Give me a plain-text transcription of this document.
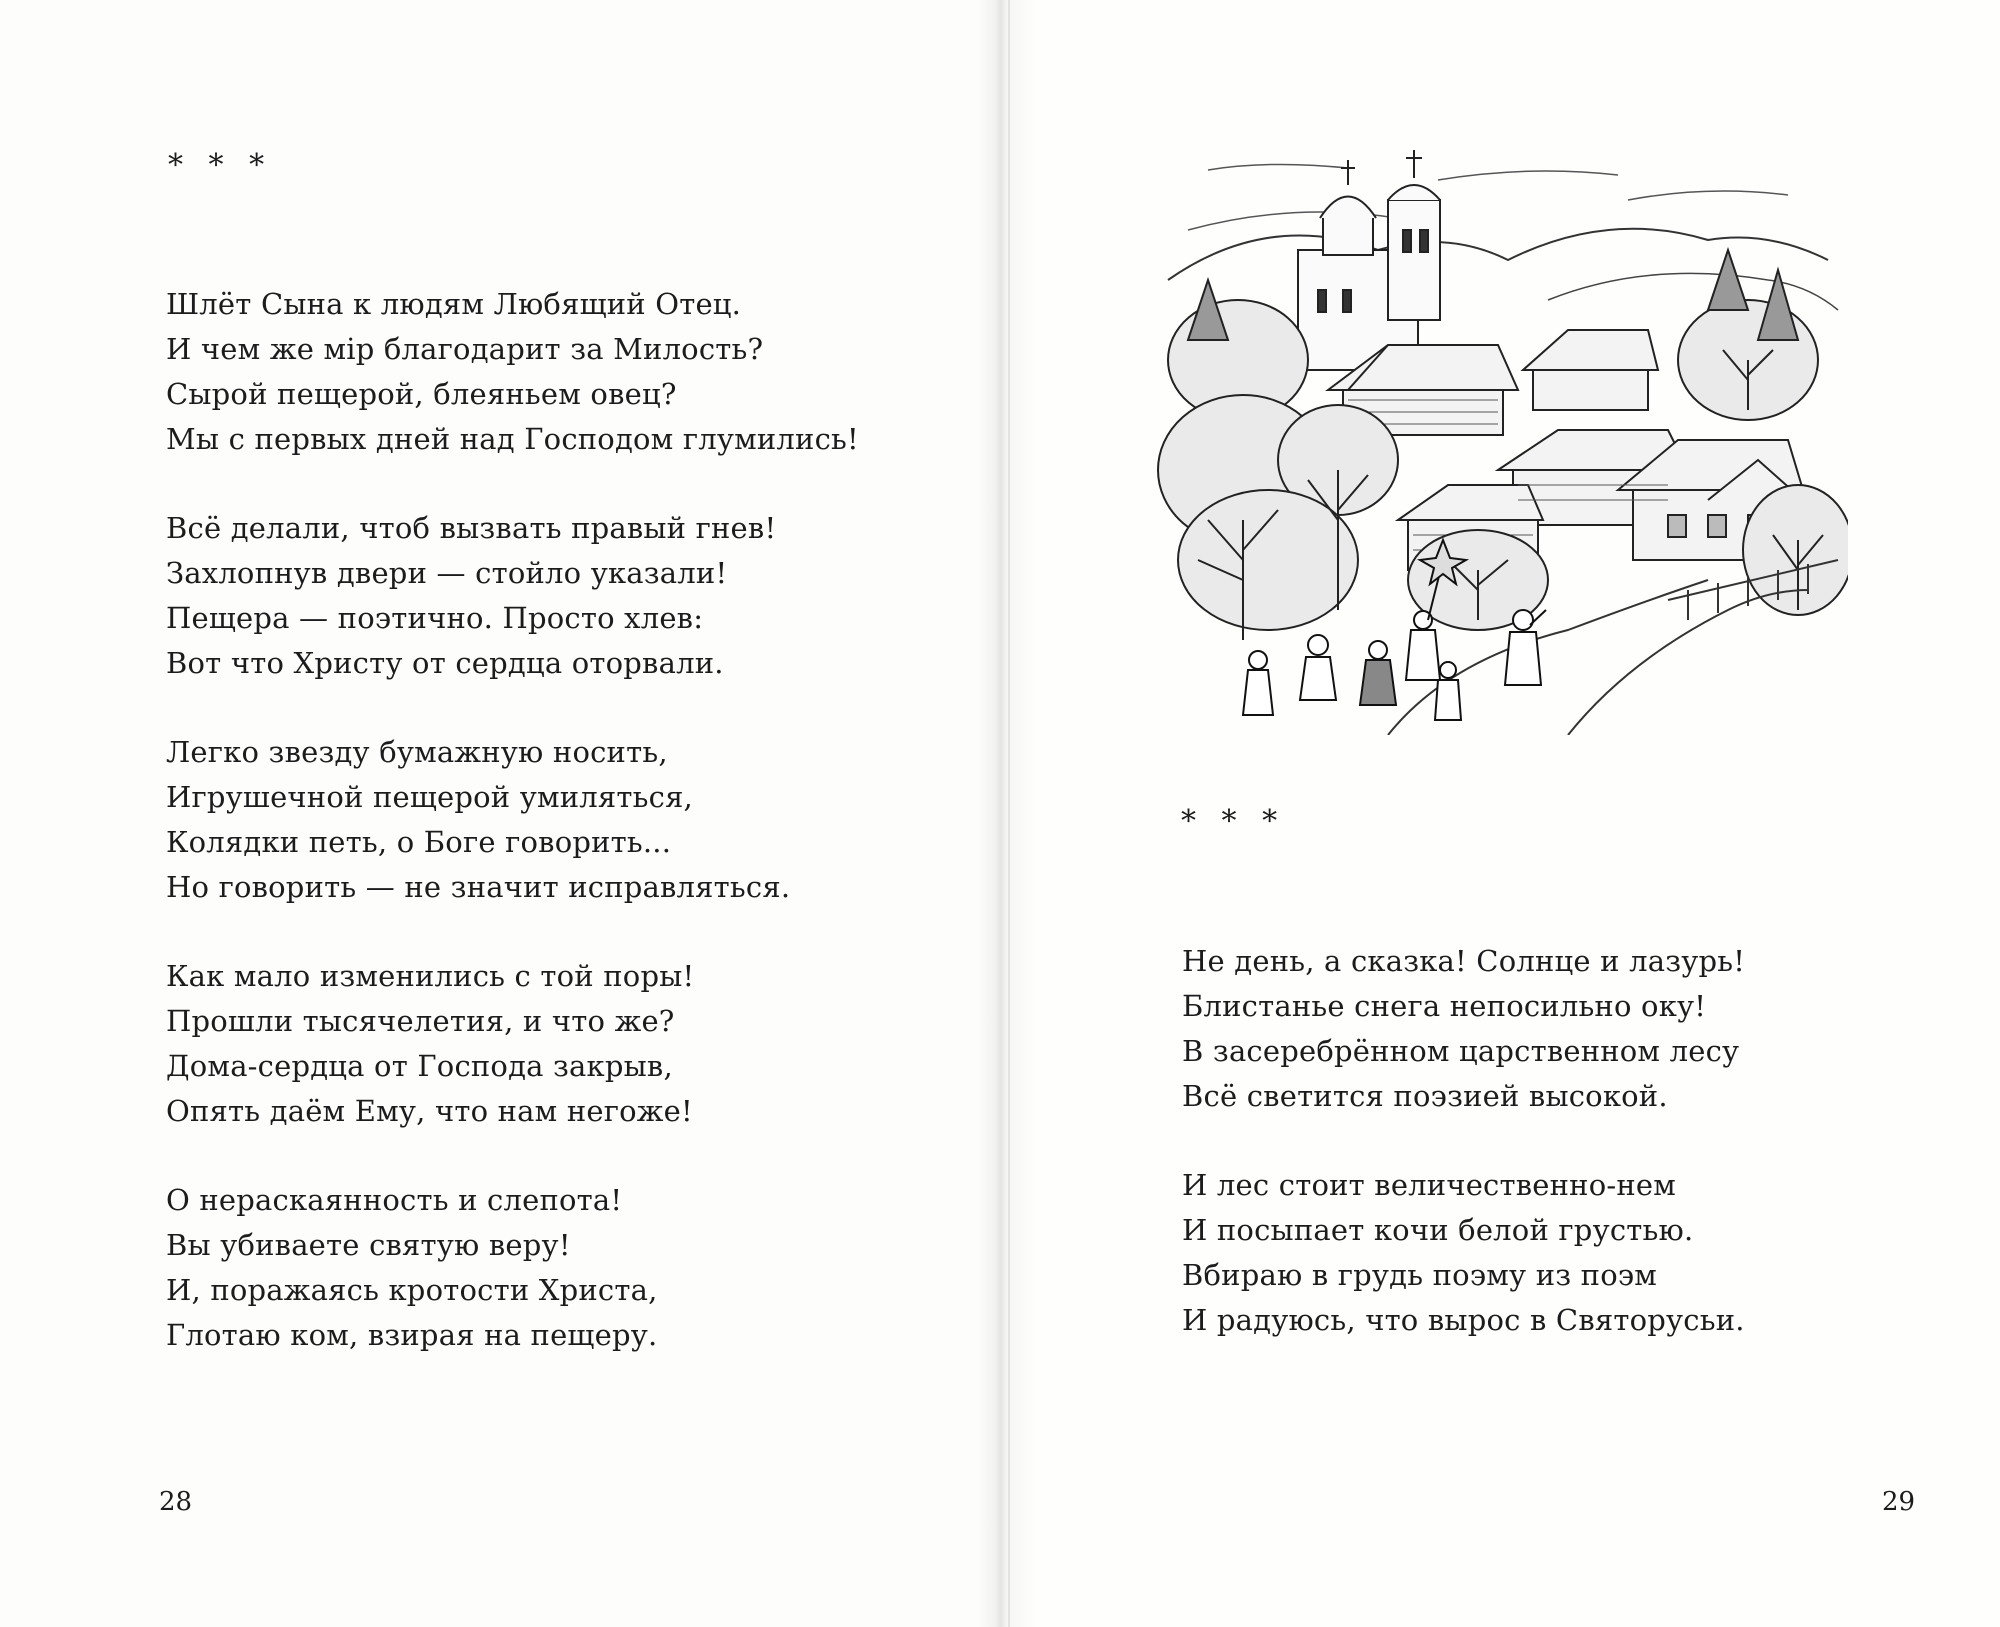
* * *
Шлёт Сына к людям Любящий Отец.
И чем же мір благодарит за Милость?
Сырой пещерой, блеяньем овец?
Мы с первых дней над Господом глумились!
Всё делали, чтоб вызвать правый гнев!
Захлопнув двери — стойло указали!
Пещера — поэтично. Просто хлев:
Вот что Христу от сердца оторвали.
Легко звезду бумажную носить,
Игрушечной пещерой умиляться,
Колядки петь, о Боге говорить...
Но говорить — не значит исправляться.
Как мало изменились с той поры!
Прошли тысячелетия, и что же?
Дома-сердца от Господа закрыв,
Опять даём Ему, что нам негоже!
О нераскаянность и слепота!
Вы убиваете святую веру!
И, поражаясь кротости Христа,
Глотаю ком, взирая на пещеру.
28
* * *
Не день, а сказка! Солнце и лазурь!
Блистанье снега непосильно оку!
В засеребрённом царственном лесу
Всё светится поэзией высокой.
И лес стоит величественно-нем
И посыпает кочи белой грустью.
Вбираю в грудь поэму из поэм
И радуюсь, что вырос в Святорусьи.
29
